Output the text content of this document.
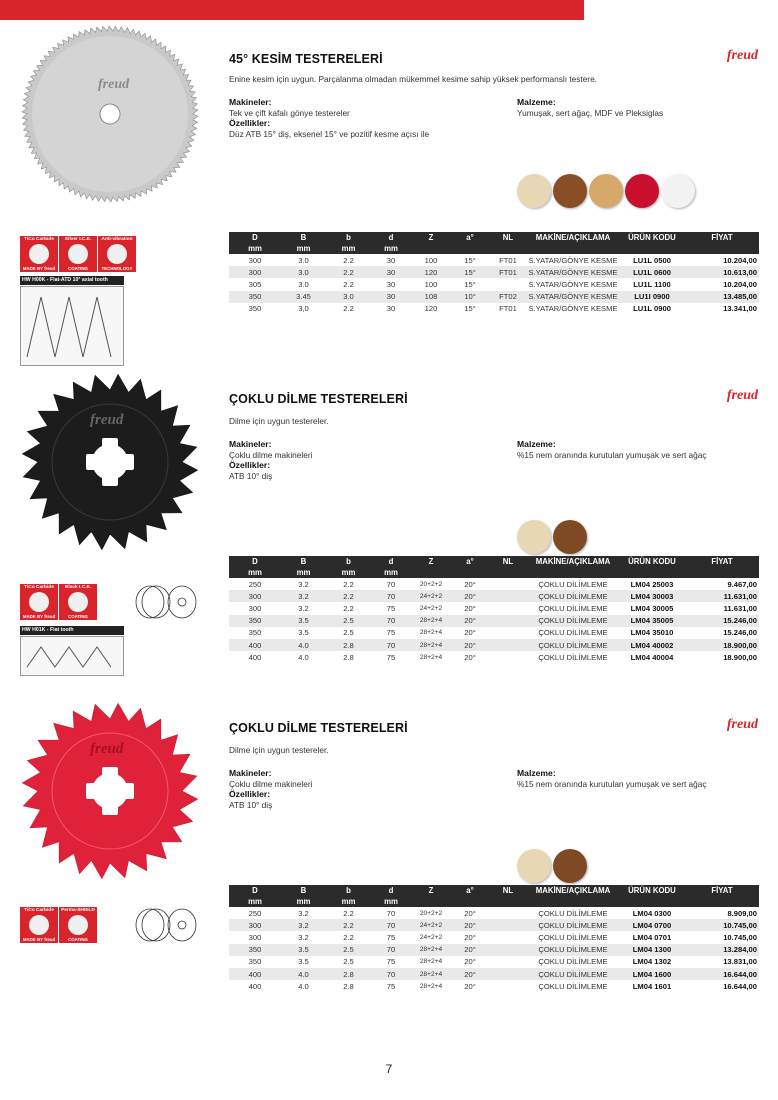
freud
45° KESİM TESTERELERİ	freud
Enine kesim için uygun. Parçalanma olmadan mükemmel kesime sahip yüksek performanslı testere.
Makineler:
Tek ve çift kafalı gönye testereler
Özellikler:
Düz ATB 15° diş, eksenel 15° ve pozitif kesme açısı ile
Malzeme:
Yumuşak, sert ağaç, MDF ve Pleksiglas
TiCo Carbide
MADE BY freud
Silver I.C.E.
COATING
Anti-vibration
TECHNOLOGY
HW H00K - Flat-ATD 10° axial tooth
D	B	b	d	Z	a°	NL	MAKİNE/AÇIKLAMA	ÜRÜN KODU	FİYAT
mm	mm	mm	mm						
300	3.0	2.2	30	100	15°	FT01	S.YATAR/GÖNYE KESME	LU1L 0500	10.204,00
300	3.0	2.2	30	120	15°	FT01	S.YATAR/GÖNYE KESME	LU1L 0600	10.613,00
305	3.0	2.2	30	100	15°		S.YATAR/GÖNYE KESME	LU1L 1100	10.204,00
350	3.45	3.0	30	108	10°	FT02	S.YATAR/GÖNYE KESME	LU1I 0900	13.485,00
350	3,0	2.2	30	120	15°	FT01	S.YATAR/GÖNYE KESME	LU1L 0900	13.341,00
freud
ÇOKLU DİLME TESTERELERİ	freud
Dilme için uygun testereler.
Makineler:
Çoklu dilme makineleri
Özellikler:
ATB 10° diş
Malzeme:
%15 nem oranında kurutulan yumuşak ve sert ağaç
TiCo Carbide
MADE BY freud
Black I.C.E.
COATING
HW H01K - Flat tooth
D	B	b	d	Z	a°	NL	MAKİNE/AÇIKLAMA	ÜRÜN KODU	FİYAT
mm	mm	mm	mm						
250	3.2	2.2	70	20+2+2	20°		ÇOKLU DİLİMLEME	LM04 25003	9.467,00
300	3.2	2.2	70	24+2+2	20°		ÇOKLU DİLİMLEME	LM04 30003	11.631,00
300	3.2	2.2	75	24+2+2	20°		ÇOKLU DİLİMLEME	LM04 30005	11.631,00
350	3.5	2.5	70	28+2+4	20°		ÇOKLU DİLİMLEME	LM04 35005	15.246,00
350	3.5	2.5	75	28+2+4	20°		ÇOKLU DİLİMLEME	LM04 35010	15.246,00
400	4.0	2.8	70	28+2+4	20°		ÇOKLU DİLİMLEME	LM04 40002	18.900,00
400	4.0	2.8	75	28+2+4	20°		ÇOKLU DİLİMLEME	LM04 40004	18.900,00
freud
ÇOKLU DİLME TESTERELERİ	freud
Dilme için uygun testereler.
Makineler:
Çoklu dilme makineleri
Özellikler:
ATB 10° diş
Malzeme:
%15 nem oranında kurutulan yumuşak ve sert ağaç
TiCo Carbide
MADE BY freud
Perma-SHIELD
COATING
D	B	b	d	Z	a°	NL	MAKİNE/AÇIKLAMA	ÜRÜN KODU	FİYAT
mm	mm	mm	mm						
250	3.2	2.2	70	20+2+2	20°		ÇOKLU DİLİMLEME	LM04 0300	8.909,00
300	3.2	2.2	70	24+2+2	20°		ÇOKLU DİLİMLEME	LM04 0700	10.745,00
300	3.2	2.2	75	24+2+2	20°		ÇOKLU DİLİMLEME	LM04 0701	10.745,00
350	3.5	2.5	70	28+2+4	20°		ÇOKLU DİLİMLEME	LM04 1300	13.284,00
350	3.5	2.5	75	28+2+4	20°		ÇOKLU DİLİMLEME	LM04 1302	13.831,00
400	4.0	2.8	70	28+2+4	20°		ÇOKLU DİLİMLEME	LM04 1600	16.644,00
400	4.0	2.8	75	28+2+4	20°		ÇOKLU DİLİMLEME	LM04 1601	16.644,00
7
